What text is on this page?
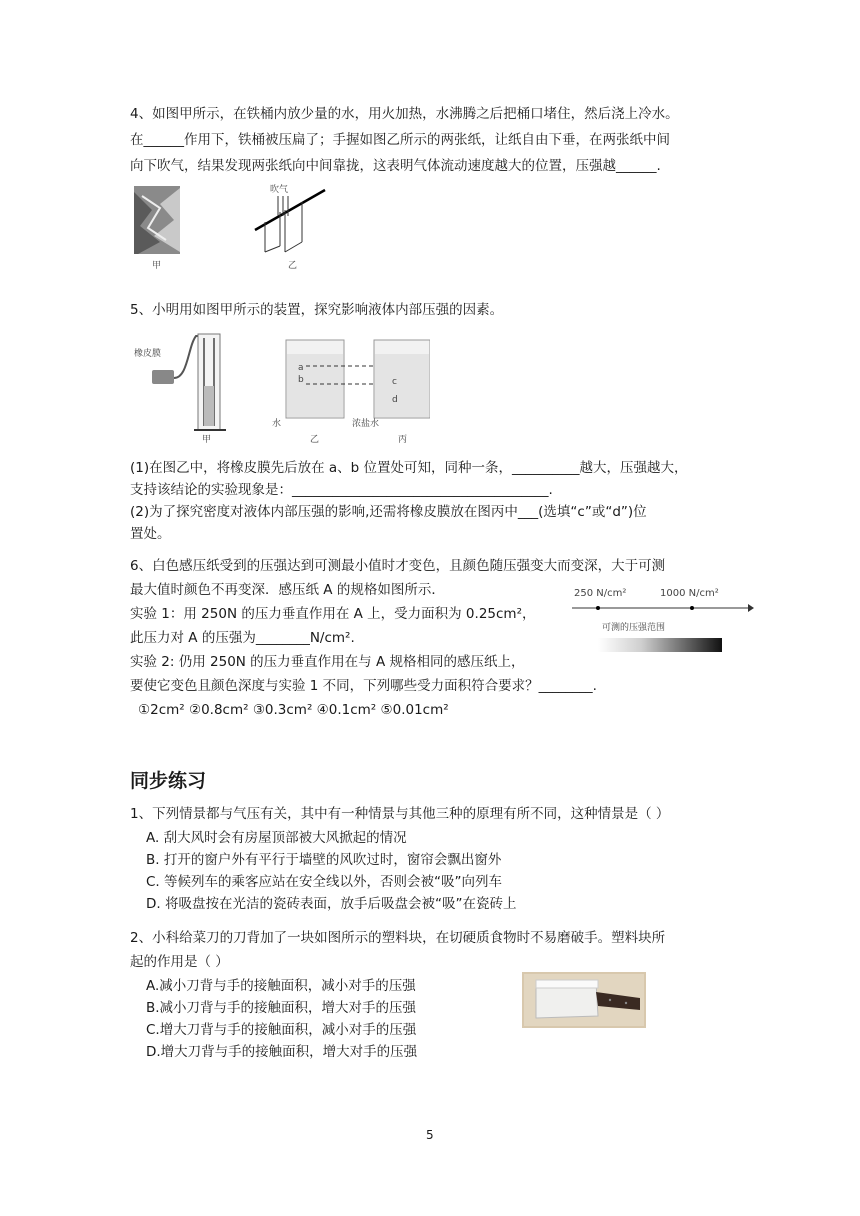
4、如图甲所示，在铁桶内放少量的水，用火加热，水沸腾之后把桶口堵住，然后浇上冷水。
在______作用下，铁桶被压扁了；手握如图乙所示的两张纸，让纸自由下垂，在两张纸中间
向下吹气，结果发现两张纸向中间靠拢，这表明气体流动速度越大的位置，压强越______.
甲
吹气
乙
5、小明用如图甲所示的装置，探究影响液体内部压强的因素。
橡皮膜
甲
a
b
水
乙
c
d
浓盐水
丙
(1)在图乙中，将橡皮膜先后放在 a、b 位置处可知，同种一条，__________越大，压强越大，
支持该结论的实验现象是：______________________________________.
(2)为了探究密度对液体内部压强的影响,还需将橡皮膜放在图丙中___(选填“c”或“d”)位
置处。
6、白色感压纸受到的压强达到可测最小值时才变色，且颜色随压强变大而变深，大于可测
最大值时颜色不再变深．感压纸 A 的规格如图所示．
实验 1：用 250N 的压力垂直作用在 A 上，受力面积为 0.25cm²，
此压力对 A 的压强为________N/cm².
实验 2: 仍用 250N 的压力垂直作用在与 A 规格相同的感压纸上，
要使它变色且颜色深度与实验 1 不同，下列哪些受力面积符合要求？________.
①2cm² ②0.8cm² ③0.3cm² ④0.1cm² ⑤0.01cm²
250 N/cm²	1000 N/cm²
可测的压强范围
同步练习
1、下列情景都与气压有关，其中有一种情景与其他三种的原理有所不同，这种情景是（ ）
A. 刮大风时会有房屋顶部被大风掀起的情况
B. 打开的窗户外有平行于墙壁的风吹过时，窗帘会飘出窗外
C. 等候列车的乘客应站在安全线以外，否则会被“吸”向列车
D. 将吸盘按在光洁的瓷砖表面，放手后吸盘会被“吸”在瓷砖上
2、小科给菜刀的刀背加了一块如图所示的塑料块，在切硬质食物时不易磨破手。塑料块所
起的作用是（ ）
A.减小刀背与手的接触面积，减小对手的压强
B.减小刀背与手的接触面积，增大对手的压强
C.增大刀背与手的接触面积，减小对手的压强
D.增大刀背与手的接触面积，增大对手的压强
5
